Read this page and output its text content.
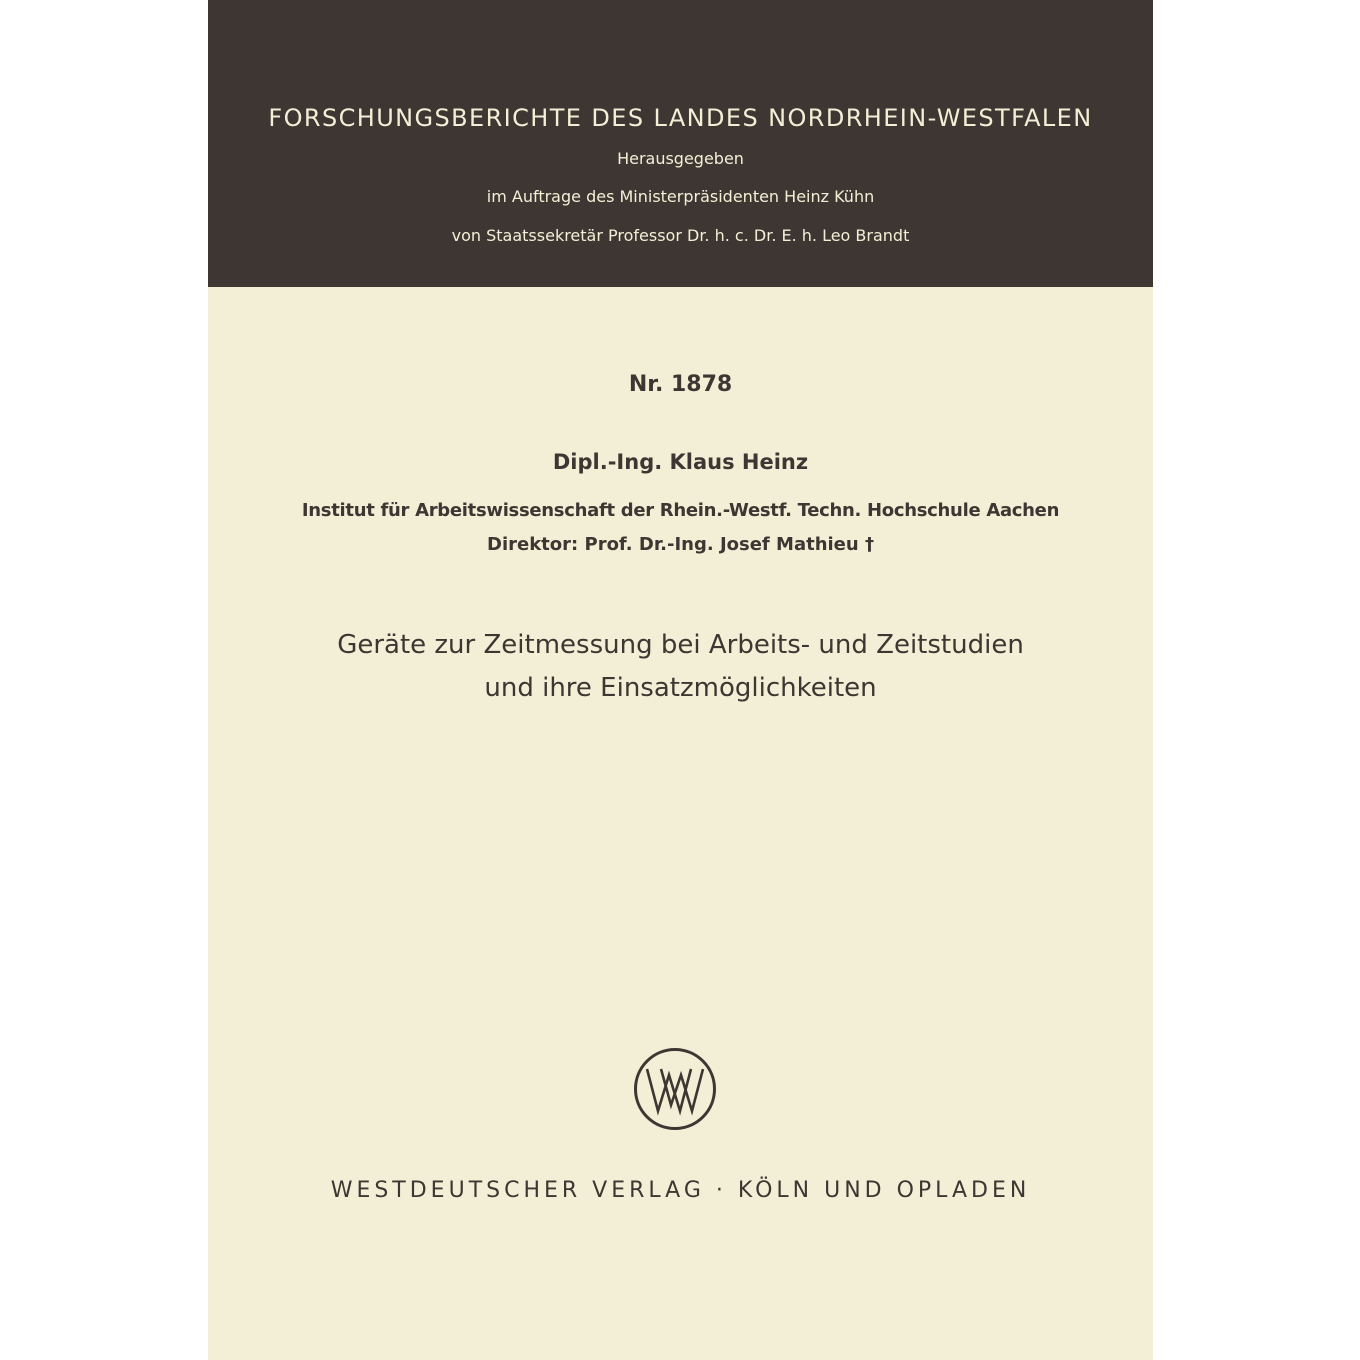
FORSCHUNGSBERICHTE DES LANDES NORDRHEIN-WESTFALEN
Herausgegeben
im Auftrage des Ministerpräsidenten Heinz Kühn
von Staatssekretär Professor Dr. h. c. Dr. E. h. Leo Brandt
Nr. 1878
Dipl.-Ing. Klaus Heinz
Institut für Arbeitswissenschaft der Rhein.-Westf. Techn. Hochschule Aachen
Direktor: Prof. Dr.-Ing. Josef Mathieu †
Geräte zur Zeitmessung bei Arbeits- und Zeitstudien
und ihre Einsatzmöglichkeiten
WESTDEUTSCHER VERLAG · KÖLN UND OPLADEN
